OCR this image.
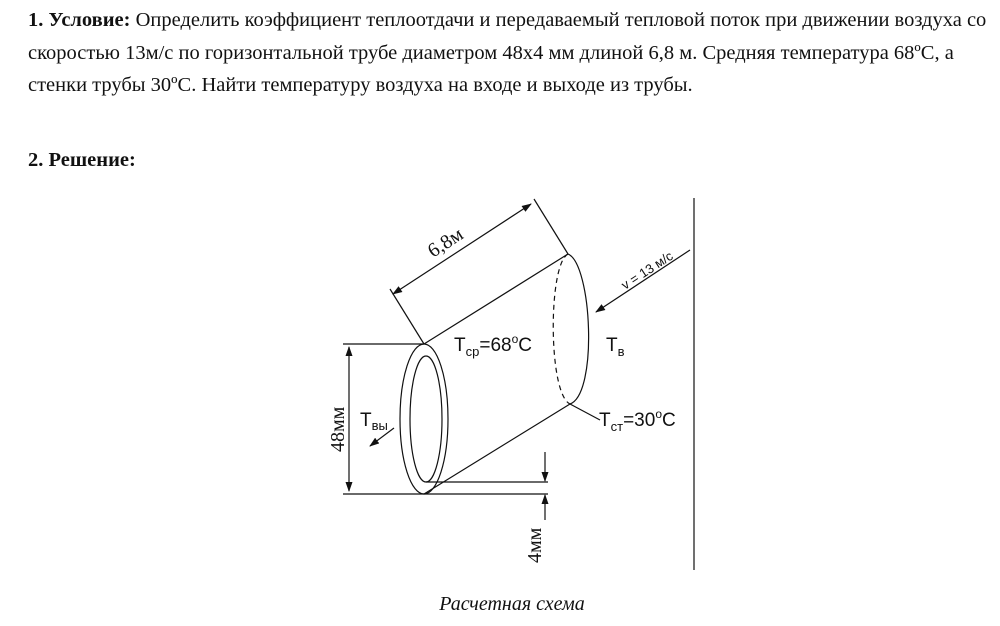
1. Условие: Определить коэффициент теплоотдачи и передаваемый тепловой поток при движении воздуха со скоростью 13м/с по горизонтальной трубе диаметром 48х4 мм длиной 6,8 м. Средняя температура 68ºС, а стенки трубы 30ºС. Найти температуру воздуха на входе и выходе из трубы.
2. Решение:
6,8м
v = 13 м/с
$T_{ср}=68^oC$	$T_в$
$T_{вы}$	$T_{ст}=30^oC$
48мм
4мм
Расчетная схема
